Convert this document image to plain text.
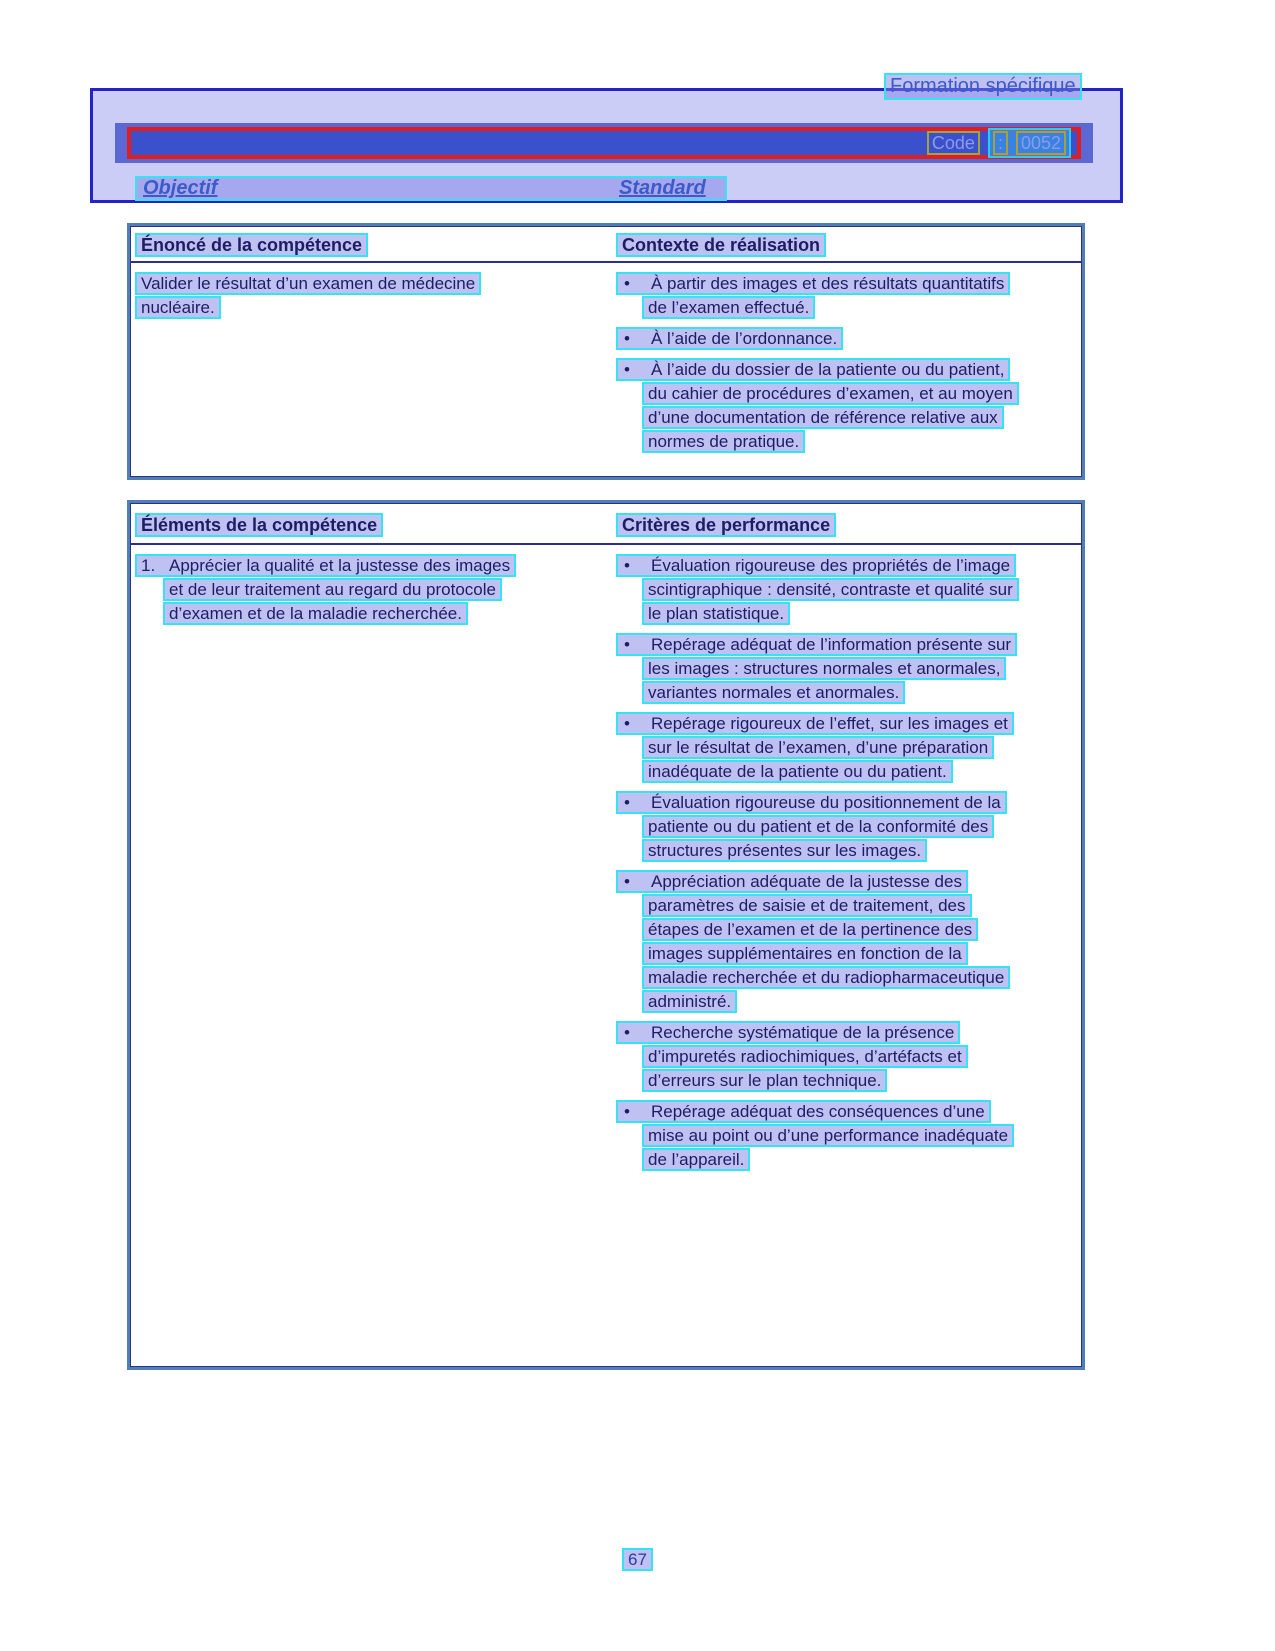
Formation spécifique
Code : 0052
Objectif	Standard
Énoncé de la compétence	Contexte de réalisation
Valider le résultat d’un examen de médecine
nucléaire.
• À partir des images et des résultats quantitatifs
de l’examen effectué.
• À l’aide de l’ordonnance.
• À l’aide du dossier de la patiente ou du patient,
du cahier de procédures d’examen, et au moyen
d’une documentation de référence relative aux
normes de pratique.
Éléments de la compétence	Critères de performance
1. Apprécier la qualité et la justesse des images
et de leur traitement au regard du protocole
d’examen et de la maladie recherchée.
• Évaluation rigoureuse des propriétés de l’image
scintigraphique : densité, contraste et qualité sur
le plan statistique.
• Repérage adéquat de l’information présente sur
les images : structures normales et anormales,
variantes normales et anormales.
• Repérage rigoureux de l’effet, sur les images et
sur le résultat de l’examen, d’une préparation
inadéquate de la patiente ou du patient.
• Évaluation rigoureuse du positionnement de la
patiente ou du patient et de la conformité des
structures présentes sur les images.
• Appréciation adéquate de la justesse des
paramètres de saisie et de traitement, des
étapes de l’examen et de la pertinence des
images supplémentaires en fonction de la
maladie recherchée et du radiopharmaceutique
administré.
• Recherche systématique de la présence
d’impuretés radiochimiques, d’artéfacts et
d’erreurs sur le plan technique.
• Repérage adéquat des conséquences d’une
mise au point ou d’une performance inadéquate
de l’appareil.
67
